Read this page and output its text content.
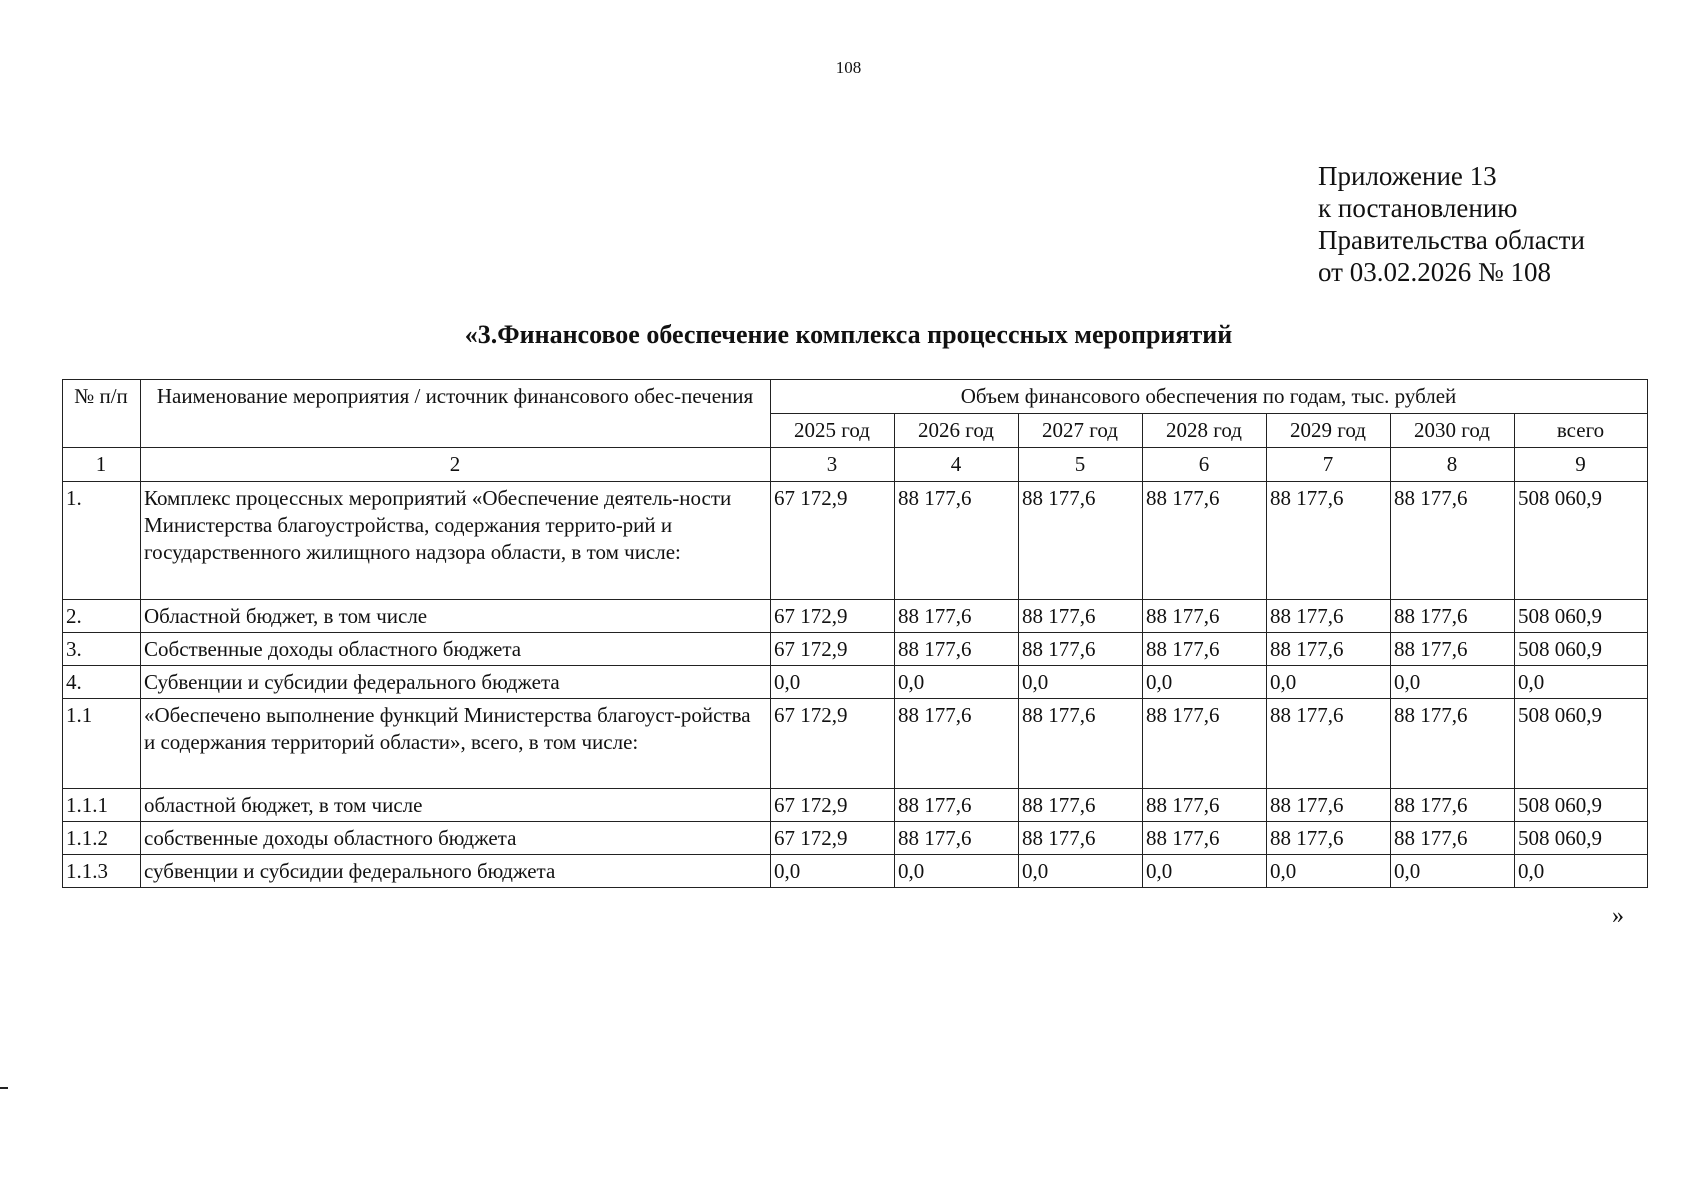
108
Приложение 13
к постановлению
Правительства области
от 03.02.2026 № 108
«3.Финансовое обеспечение комплекса процессных мероприятий
№ п/п	Наименование мероприятия / источник финансового обес-печения	Объем финансового обеспечения по годам, тыс. рублей						
		2025 год	2026 год	2027 год	2028 год	2029 год	2030 год	всего
1	2	3	4	5	6	7	8	9
1.	Комплекс процессных мероприятий «Обеспечение деятель-ности Министерства благоустройства, содержания террито-рий и государственного жилищного надзора области, в том числе:	67 172,9	88 177,6	88 177,6	88 177,6	88 177,6	88 177,6	508 060,9
2.	Областной бюджет, в том числе	67 172,9	88 177,6	88 177,6	88 177,6	88 177,6	88 177,6	508 060,9
3.	Собственные доходы областного бюджета	67 172,9	88 177,6	88 177,6	88 177,6	88 177,6	88 177,6	508 060,9
4.	Субвенции и субсидии федерального бюджета	0,0	0,0	0,0	0,0	0,0	0,0	0,0
1.1	«Обеспечено выполнение функций Министерства благоуст-ройства и содержания территорий области», всего, в том числе:	67 172,9	88 177,6	88 177,6	88 177,6	88 177,6	88 177,6	508 060,9
1.1.1	областной бюджет, в том числе	67 172,9	88 177,6	88 177,6	88 177,6	88 177,6	88 177,6	508 060,9
1.1.2	собственные доходы областного бюджета	67 172,9	88 177,6	88 177,6	88 177,6	88 177,6	88 177,6	508 060,9
1.1.3	субвенции и субсидии федерального бюджета	0,0	0,0	0,0	0,0	0,0	0,0	0,0
»
